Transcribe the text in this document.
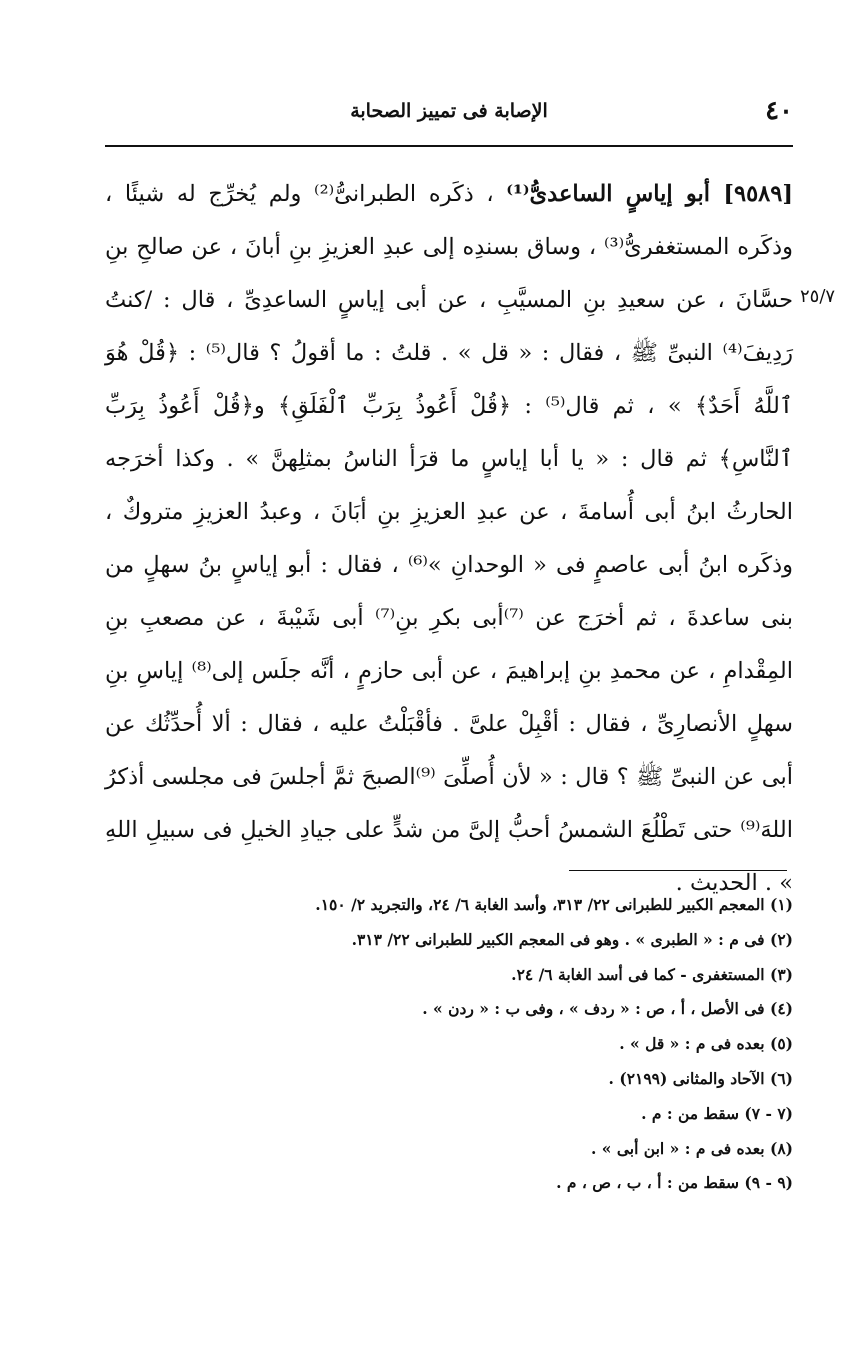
٤٠
الإصابة فى تمييز الصحابة
٢٥/٧

[٩٥٨٩] أبو إياسٍ الساعدىُّ⁽¹⁾ ، ذكَره الطبرانىُّ⁽²⁾ ولم يُخرِّج له شيئًا ، وذكَره المستغفرىُّ⁽³⁾ ، وساق بسندِه إلى عبدِ العزيزِ بنِ أبانَ ، عن صالحِ بنِ حسَّانَ ، عن سعيدِ بنِ المسيَّبِ ، عن أبى إياسٍ الساعدِىِّ ، قال : /كنتُ رَدِيفَ⁽⁴⁾ النبىِّ ﷺ ، فقال : « قل » . قلتُ : ما أقولُ ؟ قال⁽⁵⁾ : ﴿قُلْ هُوَ ٱللَّهُ أَحَدٌ﴾ » ، ثم قال⁽⁵⁾ : ﴿قُلْ أَعُوذُ بِرَبِّ ٱلْفَلَقِ﴾ و﴿قُلْ أَعُوذُ بِرَبِّ ٱلنَّاسِ﴾ ثم قال : « يا أبا إياسٍ ما قرَأ الناسُ بمثلِهنَّ » . وكذا أخرَجه الحارثُ ابنُ أبى أُسامةَ ، عن عبدِ العزيزِ بنِ أبَانَ ، وعبدُ العزيزِ متروكٌ ، وذكَره ابنُ أبى عاصمٍ فى « الوحدانِ »⁽⁶⁾ ، فقال : أبو إياسٍ بنُ سهلٍ من بنى ساعدةَ ، ثم أخرَج عن ⁽⁷⁾أبى بكرِ بنِ⁽⁷⁾ أبى شَيْبةَ ، عن مصعبِ بنِ المِقْدامِ ، عن محمدِ بنِ إبراهيمَ ، عن أبى حازمٍ ، أنَّه جلَس إلى⁽⁸⁾ إياسِ بنِ سهلٍ الأنصارِىِّ ، فقال : أقْبِلْ علىَّ . فأقْبَلْتُ عليه ، فقال : ألا أُحدِّثُك عن أبى عن النبىِّ ﷺ ؟ قال : « لأن أُصلِّىَ ⁽⁹⁾الصبحَ ثمَّ أجلسَ فى مجلسى أذكرُ اللهَ⁽⁹⁾ حتى تَطْلُعَ الشمسُ أحبُّ إلىَّ من شدٍّ على جيادِ الخيلِ فى سبيلِ اللهِ » . الحديث .

(١) المعجم الكبير للطبرانى ٢٢/ ٣١٣، وأسد الغابة ٦/ ٢٤، والتجريد ٢/ ١٥٠.
(٢) فى م : « الطبرى » . وهو فى المعجم الكبير للطبرانى ٢٢/ ٣١٣.
(٣) المستغفرى - كما فى أسد الغابة ٦/ ٢٤.
(٤) فى الأصل ، أ ، ص : « ردف » ، وفى ب : « ردن » .
(٥) بعده فى م : « قل » .
(٦) الآحاد والمثانى (٢١٩٩) .
(٧ - ٧) سقط من : م .
(٨) بعده فى م : « ابن أبى » .
(٩ - ٩) سقط من : أ ، ب ، ص ، م .
